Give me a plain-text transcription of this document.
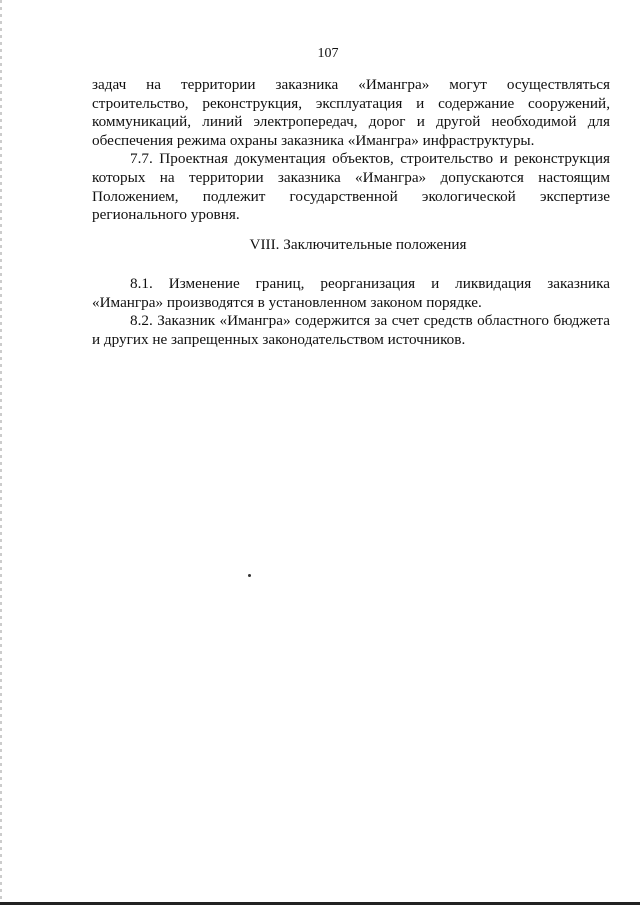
107

задач на территории заказника «Имангра» могут осуществляться строительство, реконструкция, эксплуатация и содержание сооружений, коммуникаций, линий электропередач, дорог и другой необходимой для обеспечения режима охраны заказника «Имангра» инфраструктуры.

7.7. Проектная документация объектов, строительство и реконструкция которых на территории заказника «Имангра» допускаются настоящим Положением, подлежит государственной экологической экспертизе регионального уровня.

VIII. Заключительные положения

8.1. Изменение границ, реорганизация и ликвидация заказника «Имангра» производятся в установленном законом порядке.

8.2. Заказник «Имангра» содержится за счет средств областного бюджета и других не запрещенных законодательством источников.
